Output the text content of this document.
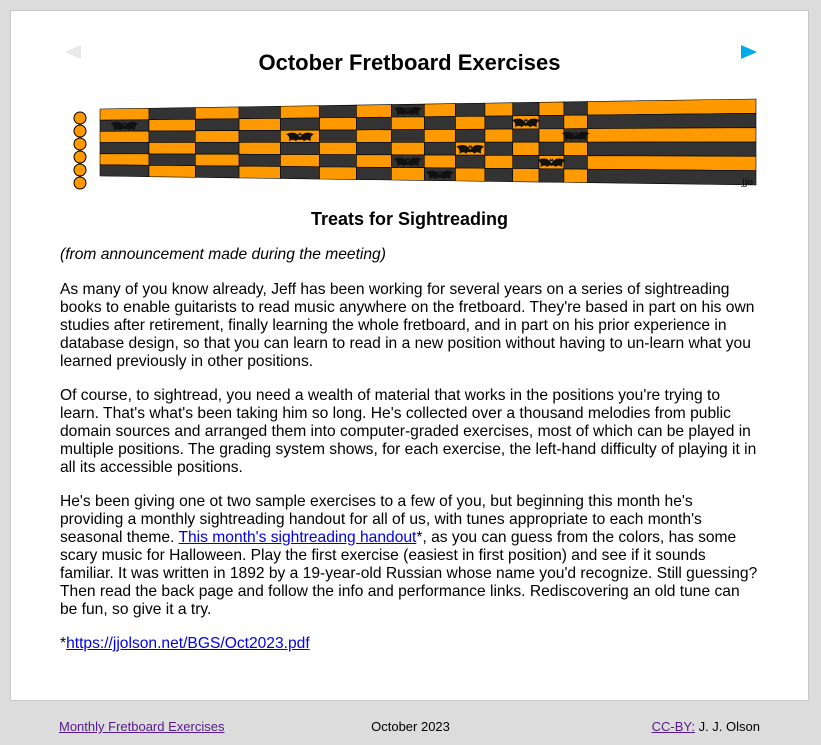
October Fretboard Exercises
jjo
Treats for Sightreading

(from announcement made during the meeting)

As many of you know already, Jeff has been working for several years on a series of sightreading books to enable guitarists to read music anywhere on the fretboard. They're based in part on his own studies after retirement, finally learning the whole fretboard, and in part on his prior experience in database design, so that you can learn to read in a new position without having to un-learn what you learned previously in other positions.

Of course, to sightread, you need a wealth of material that works in the positions you're trying to learn. That's what's been taking him so long. He's collected over a thousand melodies from public domain sources and arranged them into computer-graded exercises, most of which can be played in multiple positions. The grading system shows, for each exercise, the left-hand difficulty of playing it in all its accessible positions.

He's been giving one ot two sample exercises to a few of you, but beginning this month he's providing a monthly sightreading handout for all of us, with tunes appropriate to each month's seasonal theme. This month's sightreading handout*, as you can guess from the colors, has some scary music for Halloween. Play the first exercise (easiest in first position) and see if it sounds familiar. It was written in 1892 by a 19-year-old Russian whose name you'd recognize. Still guessing? Then read the back page and follow the info and performance links. Rediscovering an old tune can be fun, so give it a try.

*https://jjolson.net/BGS/Oct2023.pdf

Monthly Fretboard Exercises	October 2023	CC-BY: J. J. Olson
